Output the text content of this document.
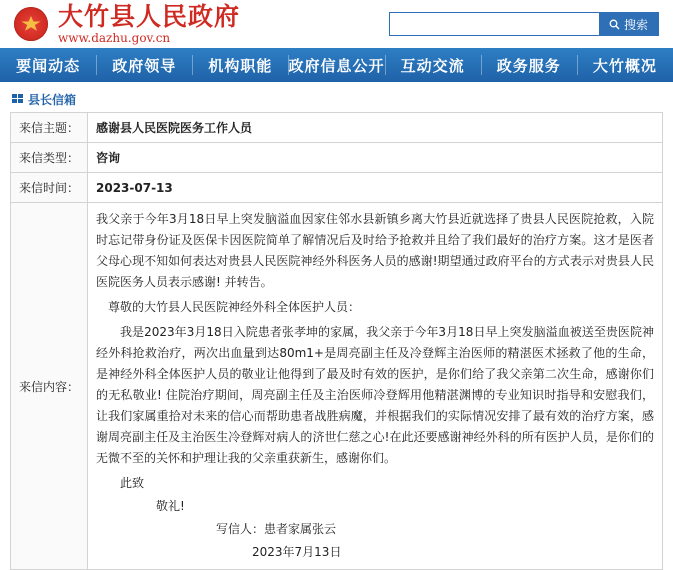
大竹县人民政府
www.dazhu.gov.cn
搜索
要闻动态 政府领导 机构职能 政府信息公开 互动交流 政务服务 大竹概况
县长信箱
来信主题：	感谢县人民医院医务工作人员
来信类型：	咨询
来信时间：	2023-07-13
来信内容：	

我父亲于今年3月18日早上突发脑溢血因家住邻水县新镇乡离大竹县近就选择了贵县人民医院抢救，入院时忘记带身份证及医保卡因医院简单了解情况后及时给予抢救并且给了我们最好的治疗方案。这才是医者父母心现不知如何表达对贵县人民医院神经外科医务人员的感谢!期望通过政府平台的方式表示对贵县人民医院医务人员表示感谢! 并转告。

尊敬的大竹县人民医院神经外科全体医护人员：

我是2023年3月18日入院患者张孝坤的家属，我父亲于今年3月18日早上突发脑溢血被送至贵医院神经外科抢救治疗，两次出血量到达80m1+是周亮副主任及冷登辉主治医师的精湛医术拯救了他的生命，是神经外科全体医护人员的敬业让他得到了最及时有效的医护，是你们给了我父亲第二次生命，感谢你们的无私敬业! 住院治疗期间，周亮副主任及主治医师冷登辉用他精湛渊博的专业知识时指导和安慰我们，让我们家属重拾对未来的信心而帮助患者战胜病魔，并根据我们的实际情况安排了最有效的治疗方案，感谢周亮副主任及主治医生冷登辉对病人的济世仁慈之心!在此还要感谢神经外科的所有医护人员，是你们的无微不至的关怀和护理让我的父亲重获新生，感谢你们。

此致

敬礼!

写信人：患者家属张云

2023年7月13日
